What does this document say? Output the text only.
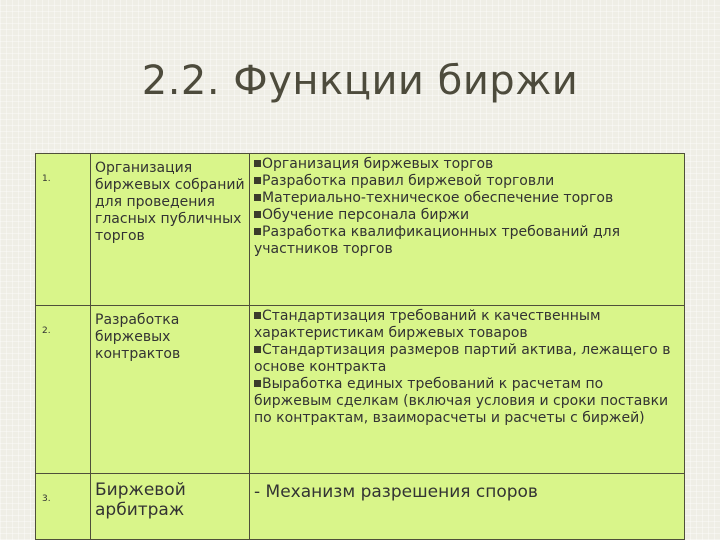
2.2. Функции биржи
1.	Организация биржевых собраний для проведения гласных публичных торгов	Организация биржевых торгов
Разработка правил биржевой торговли
Материально-техническое обеспечение торгов
Обучение персонала биржи
Разработка квалификационных требований для участников торгов

2.	Разработка биржевых контрактов	Стандартизация требований к качественным характеристикам биржевых товаров
Стандартизация размеров партий актива, лежащего в основе контракта
Выработка единых требований к расчетам по биржевым сделкам (включая условия и сроки поставки по контрактам, взаиморасчеты и расчеты с биржей)

3.	Биржевой арбитраж	- Механизм разрешения споров
